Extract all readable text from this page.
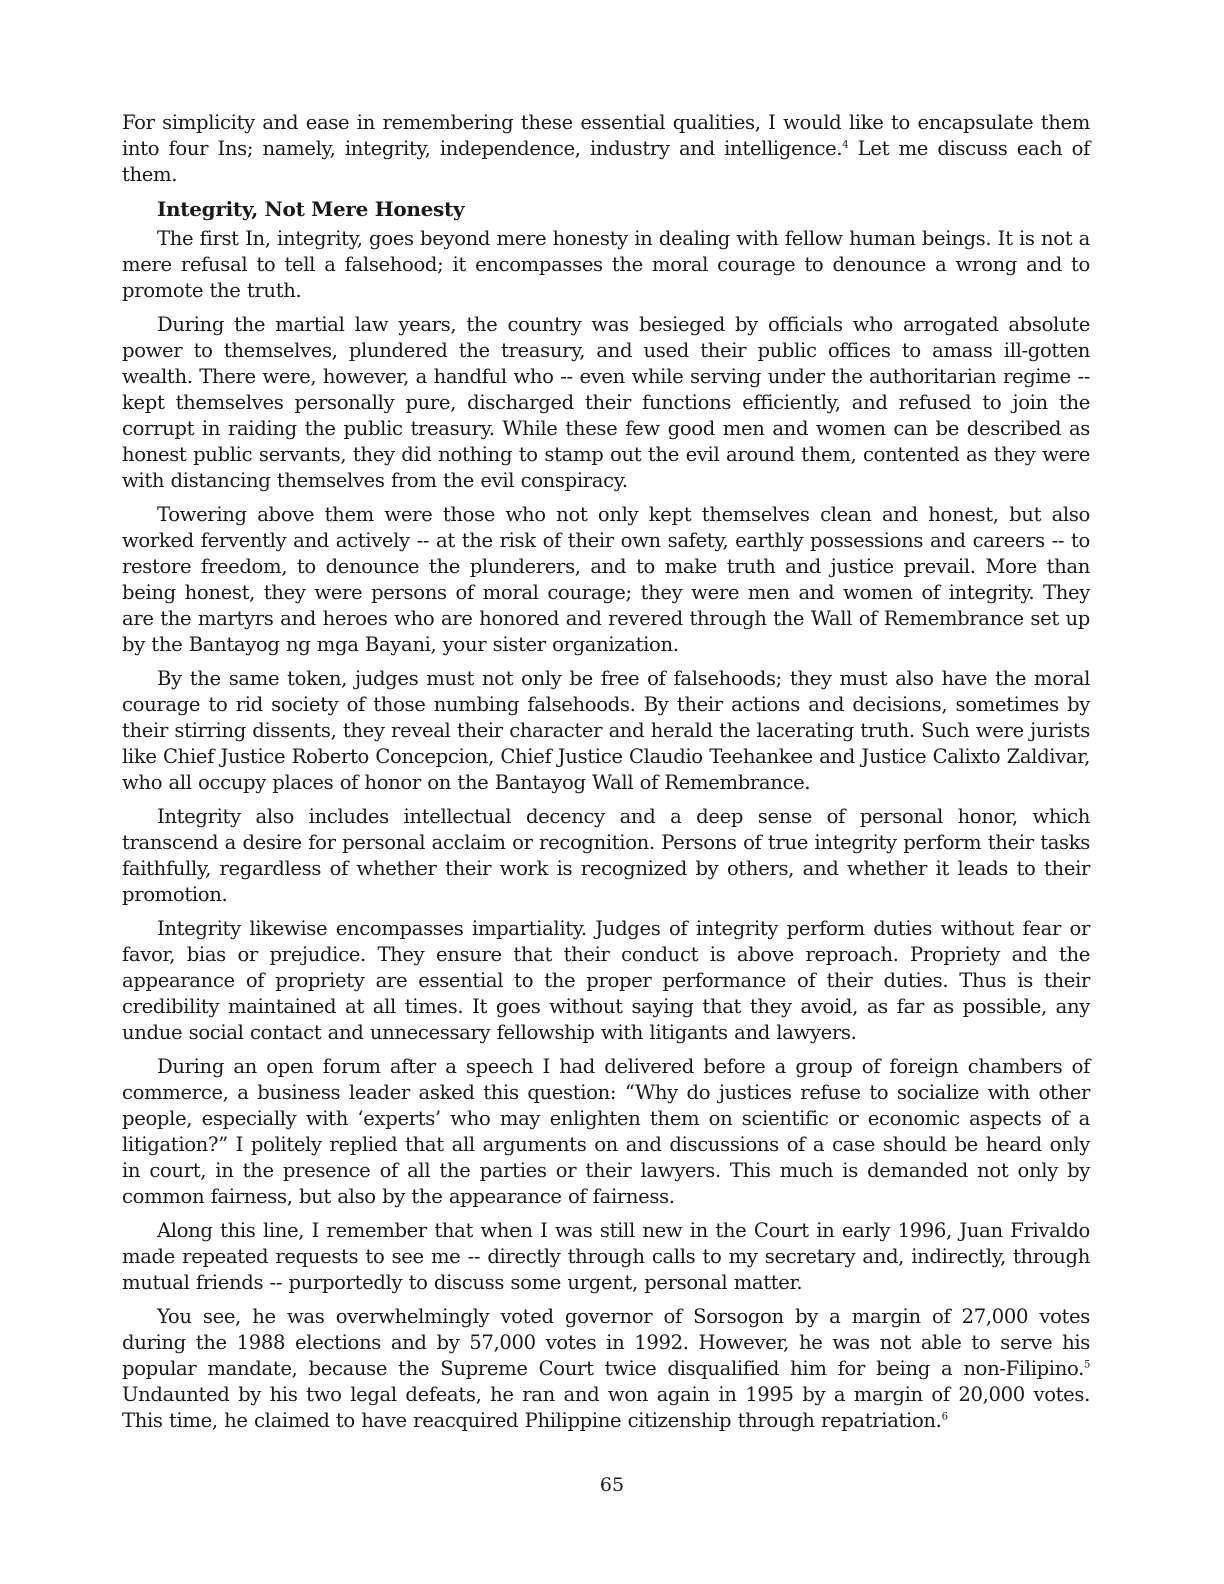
For simplicity and ease in remembering these essential qualities, I would like to encapsulate them into four Ins; namely, integrity, independence, industry and intelligence.$^4$ Let me discuss each of them.

Integrity, Not Mere Honesty

The first In, integrity, goes beyond mere honesty in dealing with fellow human beings. It is not a mere refusal to tell a falsehood; it encompasses the moral courage to denounce a wrong and to promote the truth.

During the martial law years, the country was besieged by officials who arrogated absolute power to themselves, plundered the treasury, and used their public offices to amass ill-gotten wealth. There were, however, a handful who -- even while serving under the authoritarian regime -- kept themselves personally pure, discharged their functions efficiently, and refused to join the corrupt in raiding the public treasury. While these few good men and women can be described as honest public servants, they did nothing to stamp out the evil around them, contented as they were with distancing themselves from the evil conspiracy.

Towering above them were those who not only kept themselves clean and honest, but also worked fervently and actively -- at the risk of their own safety, earthly possessions and careers -- to restore freedom, to denounce the plunderers, and to make truth and justice prevail. More than being honest, they were persons of moral courage; they were men and women of integrity. They are the martyrs and heroes who are honored and revered through the Wall of Remembrance set up by the Bantayog ng mga Bayani, your sister organization.

By the same token, judges must not only be free of falsehoods; they must also have the moral courage to rid society of those numbing falsehoods. By their actions and decisions, sometimes by their stirring dissents, they reveal their character and herald the lacerating truth. Such were jurists like Chief Justice Roberto Concepcion, Chief Justice Claudio Teehankee and Justice Calixto Zaldivar, who all occupy places of honor on the Bantayog Wall of Remembrance.

Integrity also includes intellectual decency and a deep sense of personal honor, which transcend a desire for personal acclaim or recognition. Persons of true integrity perform their tasks faithfully, regardless of whether their work is recognized by others, and whether it leads to their promotion.

Integrity likewise encompasses impartiality. Judges of integrity perform duties without fear or favor, bias or prejudice. They ensure that their conduct is above reproach. Propriety and the appearance of propriety are essential to the proper performance of their duties. Thus is their credibility maintained at all times. It goes without saying that they avoid, as far as possible, any undue social contact and unnecessary fellowship with litigants and lawyers.

During an open forum after a speech I had delivered before a group of foreign chambers of commerce, a business leader asked this question: “Why do justices refuse to socialize with other people, especially with ‘experts’ who may enlighten them on scientific or economic aspects of a litigation?” I politely replied that all arguments on and discussions of a case should be heard only in court, in the presence of all the parties or their lawyers. This much is demanded not only by common fairness, but also by the appearance of fairness.

Along this line, I remember that when I was still new in the Court in early 1996, Juan Frivaldo made repeated requests to see me -- directly through calls to my secretary and, indirectly, through mutual friends -- purportedly to discuss some urgent, personal matter.

You see, he was overwhelmingly voted governor of Sorsogon by a margin of 27,000 votes during the 1988 elections and by 57,000 votes in 1992. However, he was not able to serve his popular mandate, because the Supreme Court twice disqualified him for being a non-Filipino.$^5$ Undaunted by his two legal defeats, he ran and won again in 1995 by a margin of 20,000 votes. This time, he claimed to have reacquired Philippine citizenship through repatriation.$^6$

65
